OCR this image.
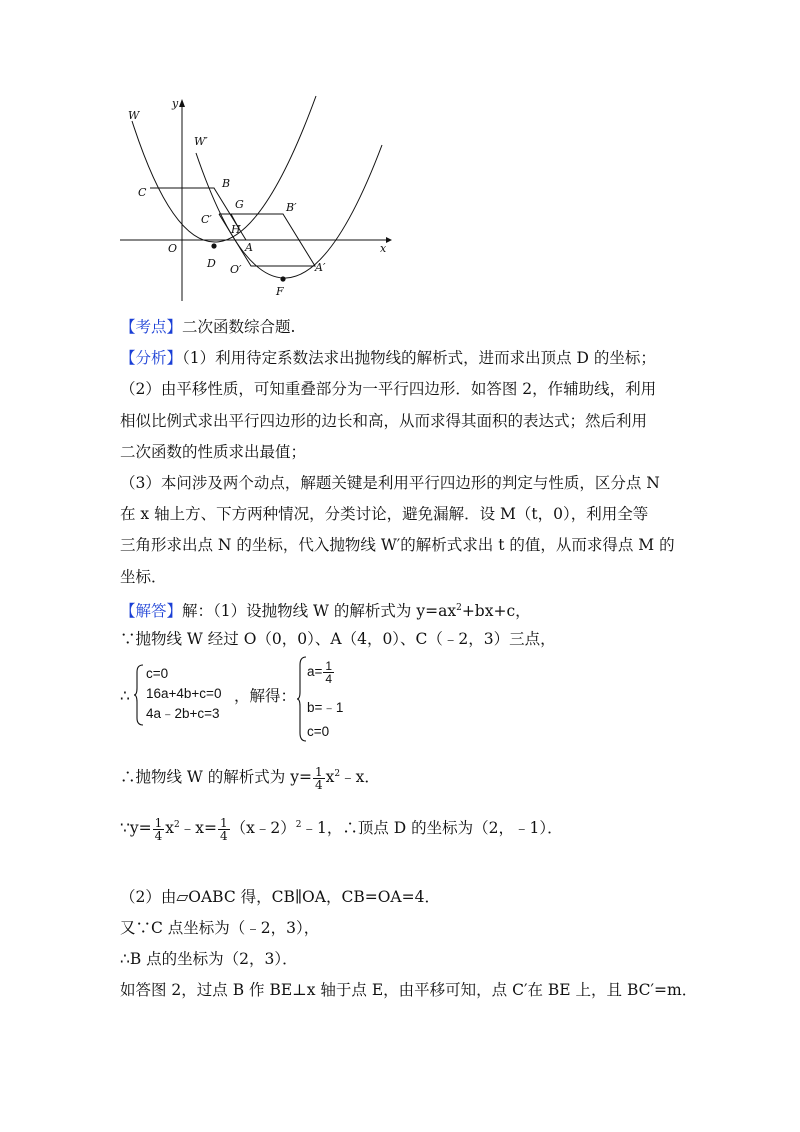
W
y
W′
C
B
G	B′
C′
H
O	A	x
D O′	A′
F
【考点】二次函数综合题.
【分析】（1）利用待定系数法求出抛物线的解析式，进而求出顶点 D 的坐标；
（2）由平移性质，可知重叠部分为一平行四边形．如答图 2，作辅助线，利用
相似比例式求出平行四边形的边长和高，从而求得其面积的表达式；然后利用
二次函数的性质求出最值；
（3）本问涉及两个动点，解题关键是利用平行四边形的判定与性质，区分点 N
在 x 轴上方、下方两种情况，分类讨论，避免漏解．设 M（t，0），利用全等
三角形求出点 N 的坐标，代入抛物线 W′的解析式求出 t 的值，从而求得点 M 的
坐标．
【解答】解：（1）设抛物线 W 的解析式为 $y=ax^2+bx+c$，
∵抛物线 W 经过 O（0，0）、A（4，0）、C（﹣2，3）三点，
∴
c=0
16a+4b+c=0
4a﹣2b+c=3
，解得：
$a= \frac{1}{4}$
b=﹣1
c=0
∴抛物线 W 的解析式为 $y= \frac{1}{4}$ $x^2﹣x$．
∵y= $\frac{1}{4}$ $x^2﹣x= \frac{1}{4}$ （x﹣2）$^2$﹣1，∴顶点 D 的坐标为（2，﹣1）．
（2）由▱OABC 得，CB∥OA，CB=OA=4．
又∵C 点坐标为（﹣2，3），
∴B 点的坐标为（2，3）．
如答图 2，过点 B 作 BE⊥x 轴于点 E，由平移可知，点 C′在 BE 上，且 BC′=m．
